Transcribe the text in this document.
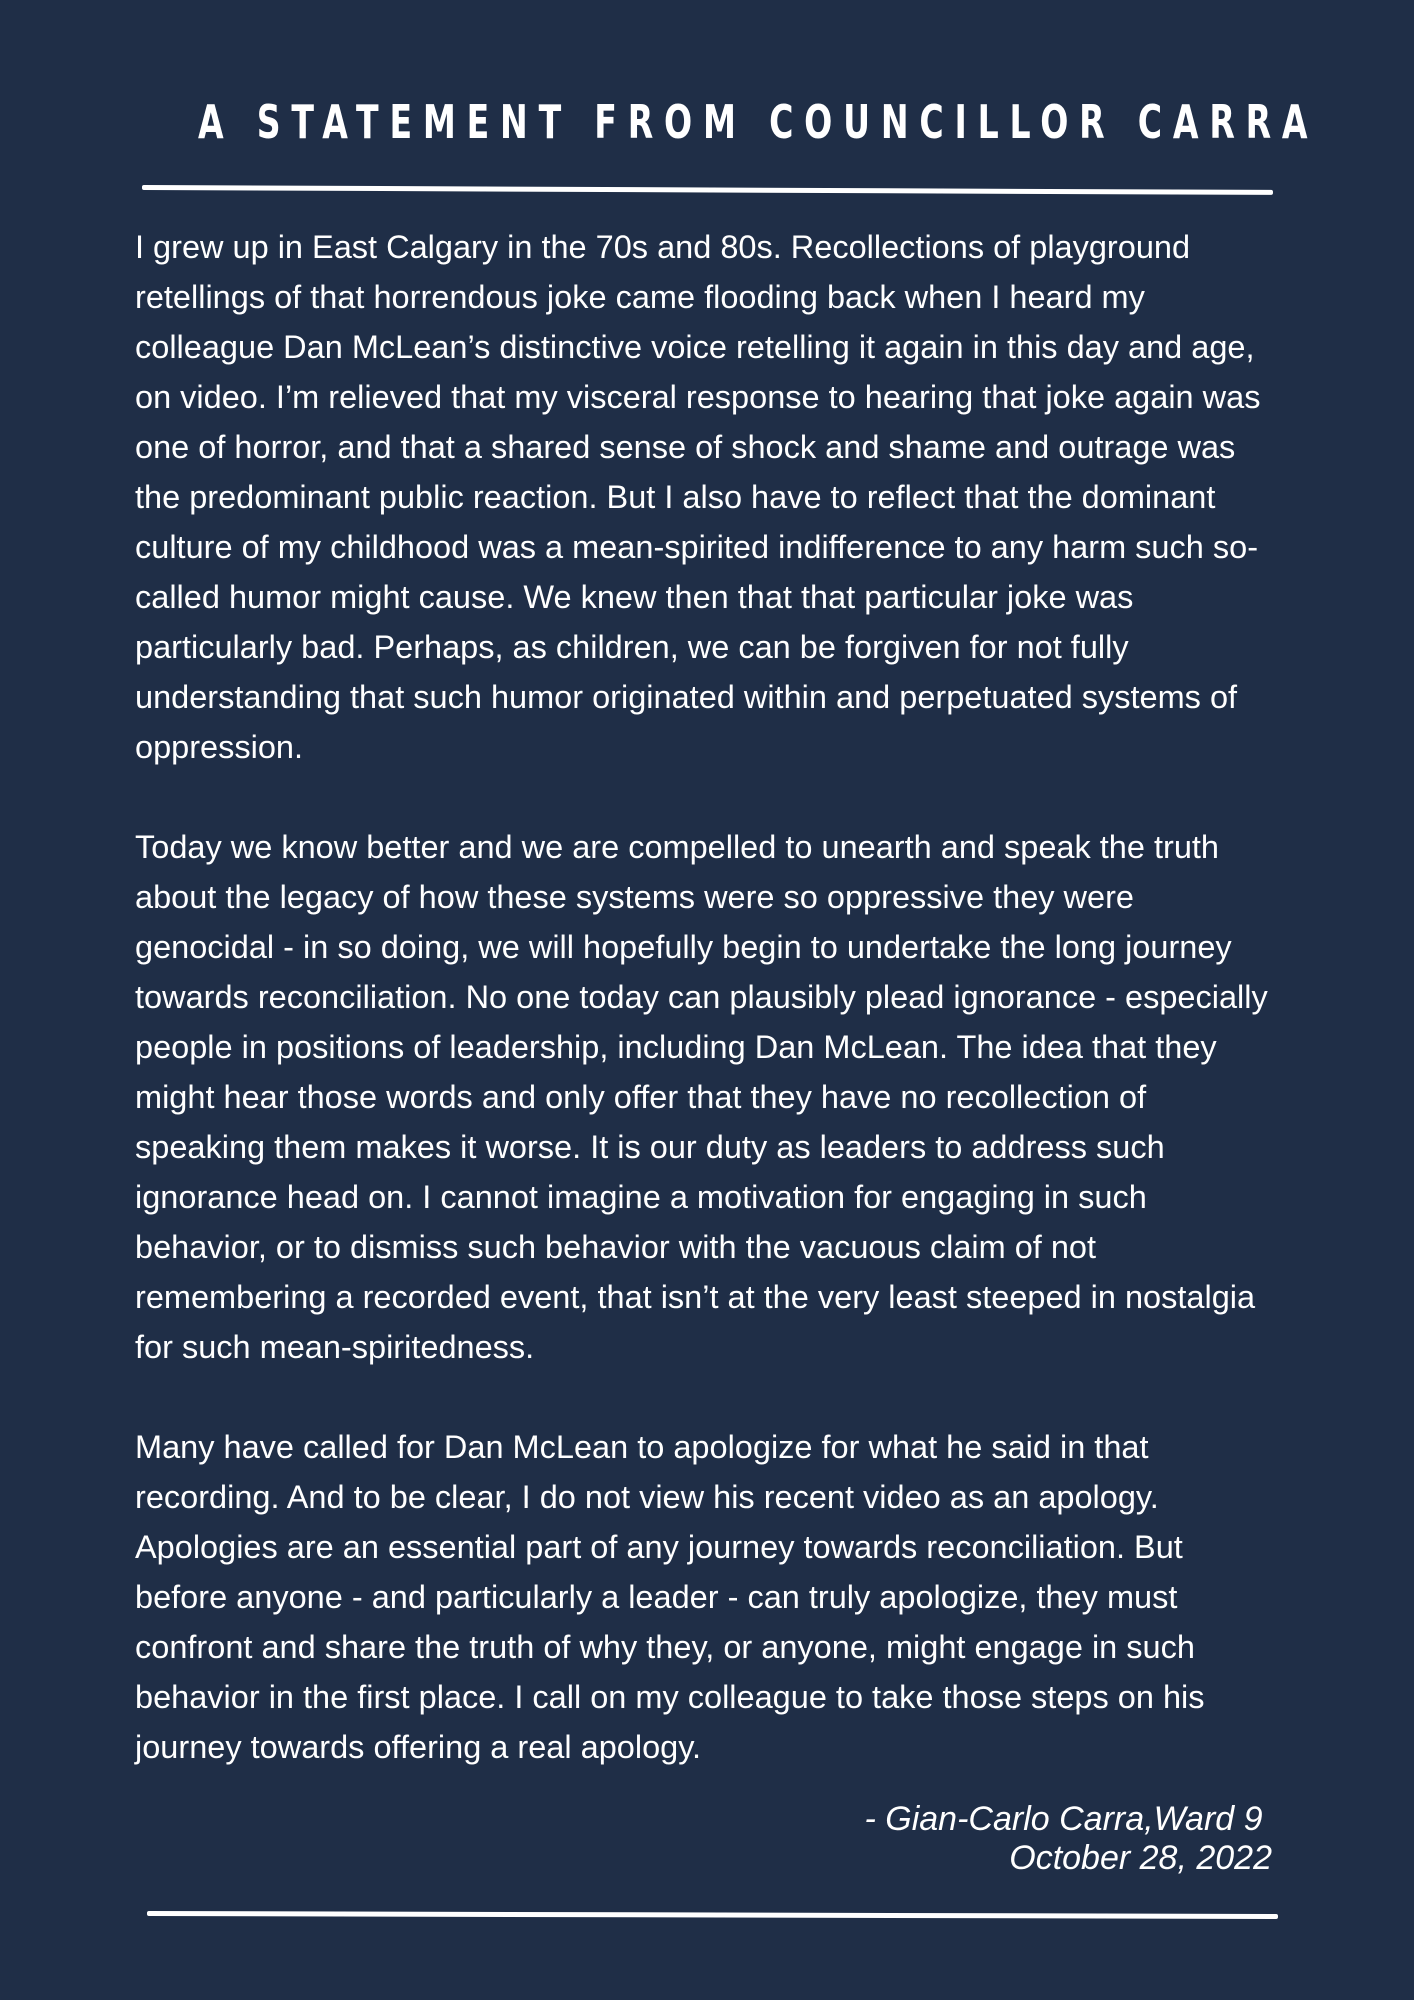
A STATEMENT FROM COUNCILLOR CARRA

I grew up in East Calgary in the 70s and 80s. Recollections of playground retellings of that horrendous joke came flooding back when I heard my colleague Dan McLean’s distinctive voice retelling it again in this day and age, on video. I’m relieved that my visceral response to hearing that joke again was one of horror, and that a shared sense of shock and shame and outrage was the predominant public reaction. But I also have to reflect that the dominant culture of my childhood was a mean-spirited indifference to any harm such so-called humor might cause. We knew then that that particular joke was particularly bad. Perhaps, as children, we can be forgiven for not fully understanding that such humor originated within and perpetuated systems of oppression.

Today we know better and we are compelled to unearth and speak the truth about the legacy of how these systems were so oppressive they were genocidal - in so doing, we will hopefully begin to undertake the long journey towards reconciliation. No one today can plausibly plead ignorance - especially people in positions of leadership, including Dan McLean. The idea that they might hear those words and only offer that they have no recollection of speaking them makes it worse. It is our duty as leaders to address such ignorance head on. I cannot imagine a motivation for engaging in such behavior, or to dismiss such behavior with the vacuous claim of not remembering a recorded event, that isn’t at the very least steeped in nostalgia for such mean-spiritedness.

Many have called for Dan McLean to apologize for what he said in that recording. And to be clear, I do not view his recent video as an apology. Apologies are an essential part of any journey towards reconciliation. But before anyone - and particularly a leader - can truly apologize, they must confront and share the truth of why they, or anyone, might engage in such behavior in the first place. I call on my colleague to take those steps on his journey towards offering a real apology.

- Gian-Carlo Carra,Ward 9
October 28, 2022
